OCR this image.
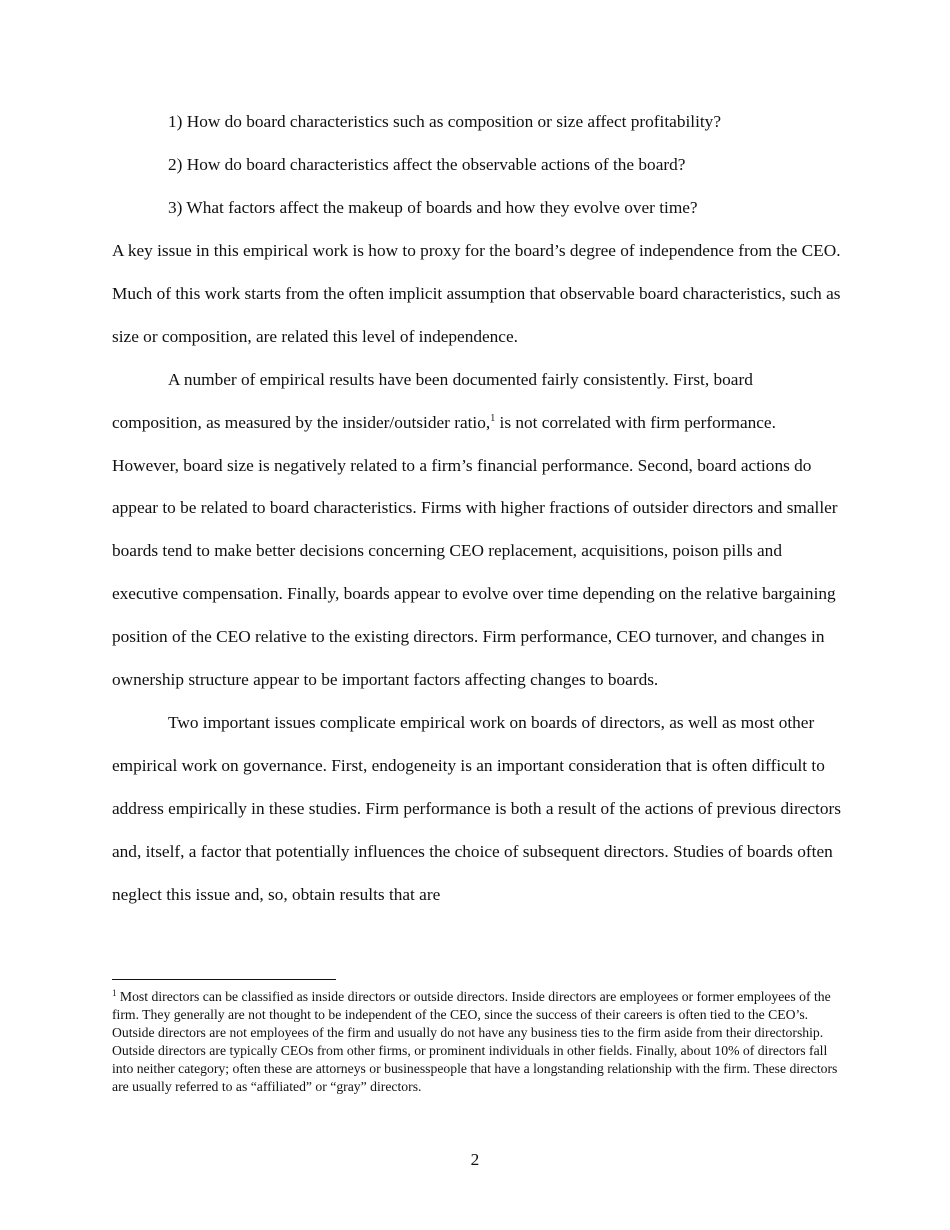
1) How do board characteristics such as composition or size affect profitability?
2) How do board characteristics affect the observable actions of the board?
3) What factors affect the makeup of boards and how they evolve over time?

A key issue in this empirical work is how to proxy for the board’s degree of independence from the CEO. Much of this work starts from the often implicit assumption that observable board characteristics, such as size or composition, are related this level of independence.

A number of empirical results have been documented fairly consistently. First, board composition, as measured by the insider/outsider ratio,$^1$ is not correlated with firm performance. However, board size is negatively related to a firm’s financial performance. Second, board actions do appear to be related to board characteristics. Firms with higher fractions of outsider directors and smaller boards tend to make better decisions concerning CEO replacement, acquisitions, poison pills and executive compensation. Finally, boards appear to evolve over time depending on the relative bargaining position of the CEO relative to the existing directors. Firm performance, CEO turnover, and changes in ownership structure appear to be important factors affecting changes to boards.

Two important issues complicate empirical work on boards of directors, as well as most other empirical work on governance. First, endogeneity is an important consideration that is often difficult to address empirically in these studies. Firm performance is both a result of the actions of previous directors and, itself, a factor that potentially influences the choice of subsequent directors. Studies of boards often neglect this issue and, so, obtain results that are

$^1$ Most directors can be classified as inside directors or outside directors. Inside directors are employees or former employees of the firm. They generally are not thought to be independent of the CEO, since the success of their careers is often tied to the CEO’s. Outside directors are not employees of the firm and usually do not have any business ties to the firm aside from their directorship. Outside directors are typically CEOs from other firms, or prominent individuals in other fields. Finally, about 10% of directors fall into neither category; often these are attorneys or businesspeople that have a longstanding relationship with the firm. These directors are usually referred to as “affiliated” or “gray” directors.
2
